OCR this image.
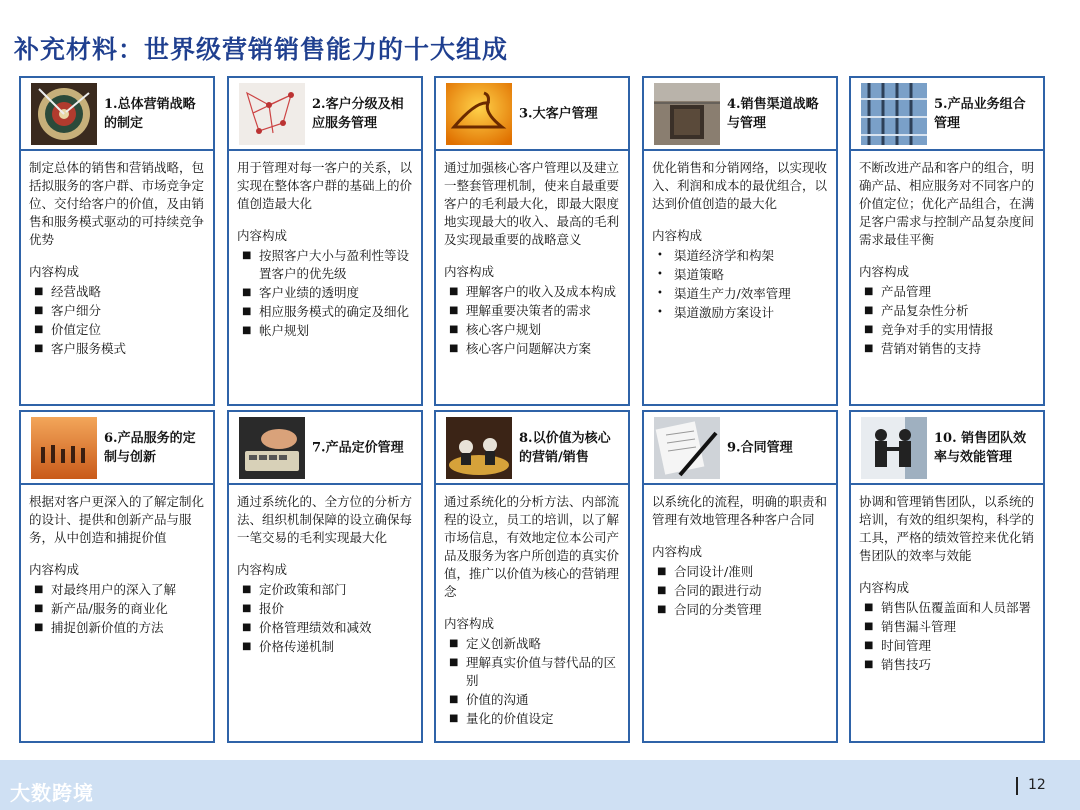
补充材料：世界级营销销售能力的十大组成
1.总体营销战略的制定
制定总体的销售和营销战略，包括拟服务的客户群、市场竞争定位、交付给客户的价值，及由销售和服务模式驱动的可持续竞争优势
内容构成
■ 经营战略
■ 客户细分
■ 价值定位
■ 客户服务模式
2.客户分级及相应服务管理
用于管理对每一客户的关系，以实现在整体客户群的基础上的价值创造最大化
内容构成
■ 按照客户大小与盈利性等设置客户的优先级
■ 客户业绩的透明度
■ 相应服务模式的确定及细化
■ 帐户规划
3.大客户管理
通过加强核心客户管理以及建立一整套管理机制，使来自最重要客户的毛利最大化，即最大限度地实现最大的收入、最高的毛利及实现最重要的战略意义
内容构成
■ 理解客户的收入及成本构成
■ 理解重要决策者的需求
■ 核心客户规划
■ 核心客户问题解决方案
4.销售渠道战略与管理
优化销售和分销网络，以实现收入、利润和成本的最优组合，以达到价值创造的最大化
内容构成
• 渠道经济学和构架
• 渠道策略
• 渠道生产力/效率管理
• 渠道激励方案设计
5.产品业务组合管理
不断改进产品和客户的组合，明确产品、相应服务对不同客户的价值定位；优化产品组合，在满足客户需求与控制产品复杂度间需求最佳平衡
内容构成
■ 产品管理
■ 产品复杂性分析
■ 竞争对手的实用情报
■ 营销对销售的支持
6.产品服务的定制与创新
根据对客户更深入的了解定制化的设计、提供和创新产品与服务，从中创造和捕捉价值
内容构成
■ 对最终用户的深入了解
■ 新产品/服务的商业化
■ 捕捉创新价值的方法
7.产品定价管理
通过系统化的、全方位的分析方法、组织机制保障的设立确保每一笔交易的毛利实现最大化
内容构成
■ 定价政策和部门
■ 报价
■ 价格管理绩效和减效
■ 价格传递机制
8.以价值为核心的营销/销售
通过系统化的分析方法、内部流程的设立，员工的培训，以了解市场信息，有效地定位本公司产品及服务为客户所创造的真实价值，推广以价值为核心的营销理念
内容构成
■ 定义创新战略
■ 理解真实价值与替代品的区别
■ 价值的沟通
■ 量化的价值设定
9.合同管理
以系统化的流程，明确的职责和管理有效地管理各种客户合同
内容构成
■ 合同设计/准则
■ 合同的跟进行动
■ 合同的分类管理
10. 销售团队效率与效能管理
协调和管理销售团队，以系统的培训，有效的组织架构，科学的工具，严格的绩效管控来优化销售团队的效率与效能
内容构成
■ 销售队伍覆盖面和人员部署
■ 销售漏斗管理
■ 时间管理
■ 销售技巧
大数跨境	12
